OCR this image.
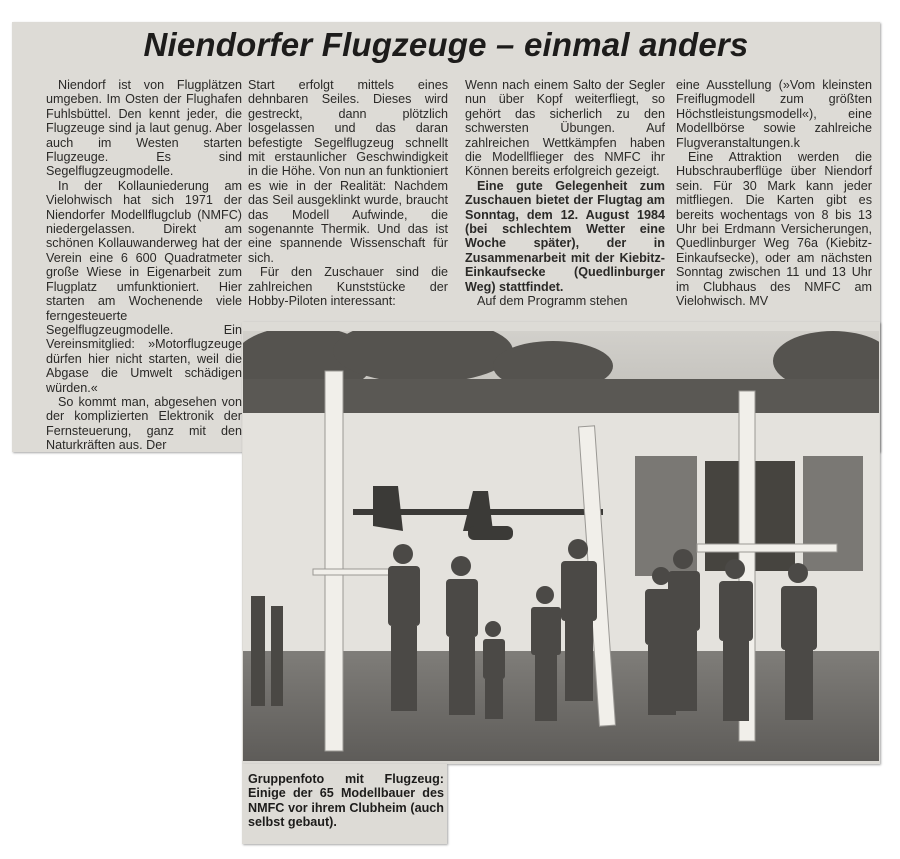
Niendorfer Flugzeuge – einmal anders

Niendorf ist von Flugplätzen umgeben. Im Osten der Flughafen Fuhlsbüttel. Den kennt jeder, die Flugzeuge sind ja laut genug. Aber auch im Westen starten Flugzeuge. Es sind Segelflugzeugmodelle.

In der Kollauniederung am Vielohwisch hat sich 1971 der Niendorfer Modellflugclub (NMFC) niedergelassen. Direkt am schönen Kollauwanderweg hat der Verein eine 6 600 Quadratmeter große Wiese in Eigenarbeit zum Flugplatz umfunktioniert. Hier starten am Wochenende viele ferngesteuerte Segelflugzeugmodelle. Ein Vereinsmitglied: »Motorflugzeuge dürfen hier nicht starten, weil die Abgase die Umwelt schädigen würden.«

So kommt man, abgesehen von der komplizierten Elektronik der Fernsteuerung, ganz mit den Naturkräften aus. Der

Start erfolgt mittels eines dehnbaren Seiles. Dieses wird gestreckt, dann plötzlich losgelassen und das daran befestigte Segelflugzeug schnellt mit erstaunlicher Geschwindigkeit in die Höhe. Von nun an funktioniert es wie in der Realität: Nachdem das Seil ausgeklinkt wurde, braucht das Modell Aufwinde, die sogenannte Thermik. Und das ist eine spannende Wissenschaft für sich.

Für den Zuschauer sind die zahlreichen Kunststücke der Hobby-Piloten interessant:

Wenn nach einem Salto der Segler nun über Kopf weiterfliegt, so gehört das sicherlich zu den schwersten Übungen. Auf zahlreichen Wettkämpfen haben die Modellflieger des NMFC ihr Können bereits erfolgreich gezeigt.

Eine gute Gelegenheit zum Zuschauen bietet der Flugtag am Sonntag, dem 12. August 1984 (bei schlechtem Wetter eine Woche später), der in Zusammenarbeit mit der Kiebitz-Einkaufsecke (Quedlinburger Weg) stattfindet.

Auf dem Programm stehen

eine Ausstellung (»Vom kleinsten Freiflugmodell zum größten Höchstleistungsmodell«), eine Modellbörse sowie zahlreiche Flugveranstaltungen.k

Eine Attraktion werden die Hubschrauberflüge über Niendorf sein. Für 30 Mark kann jeder mitfliegen. Die Karten gibt es bereits wochentags von 8 bis 13 Uhr bei Erdmann Versicherungen, Quedlinburger Weg 76a (Kiebitz-Einkaufsecke), oder am nächsten Sonntag zwischen 11 und 13 Uhr im Clubhaus des NMFC am Vielohwisch. MV

Gruppenfoto mit Flugzeug: Einige der 65 Modellbauer des NMFC vor ihrem Clubheim (auch selbst gebaut).
